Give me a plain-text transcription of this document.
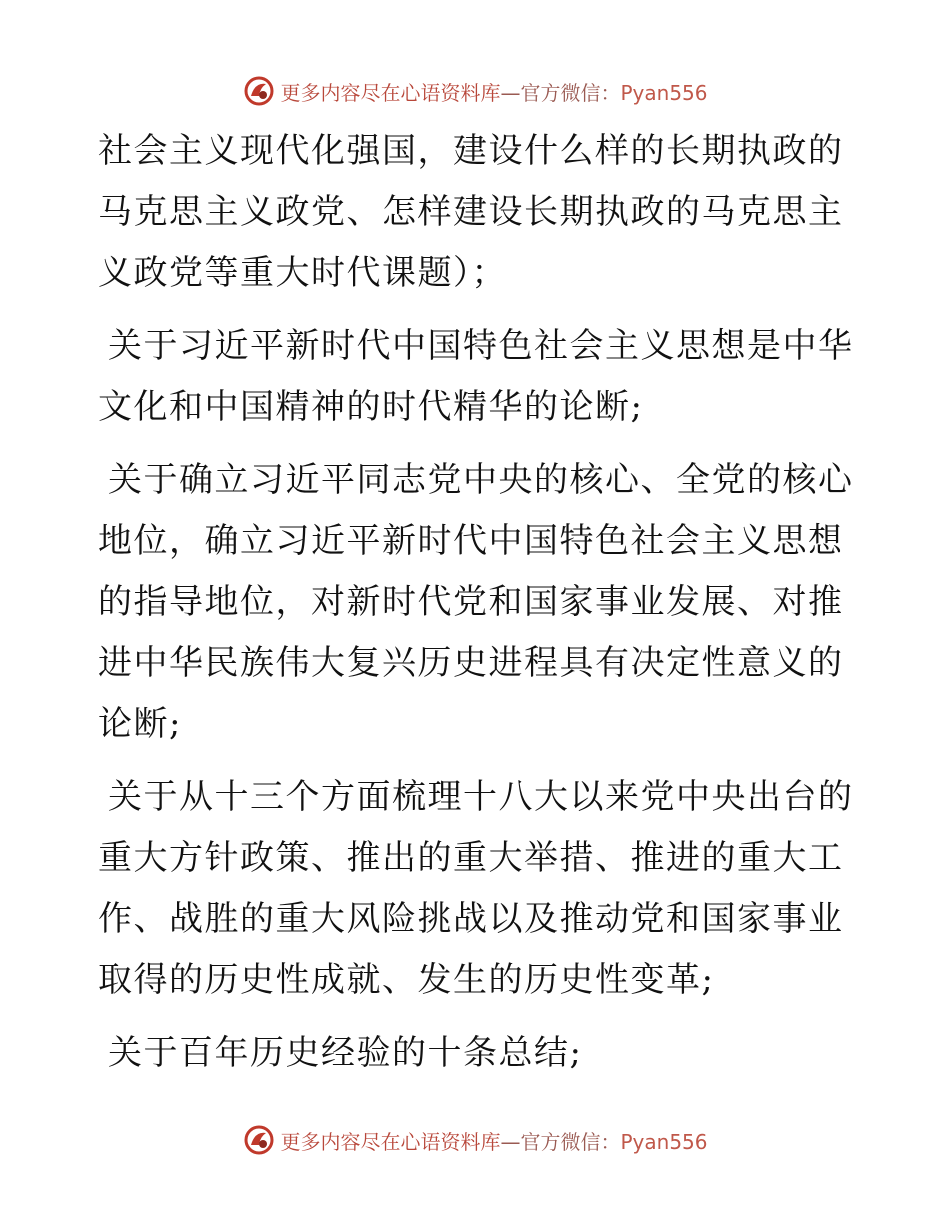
更多内容尽在心语资料库—官方微信：Pyan556

社会主义现代化强国，建设什么样的长期执政的马克思主义政党、怎样建设长期执政的马克思主义政党等重大时代课题）；

关于习近平新时代中国特色社会主义思想是中华文化和中国精神的时代精华的论断;

关于确立习近平同志党中央的核心、全党的核心地位，确立习近平新时代中国特色社会主义思想的指导地位，对新时代党和国家事业发展、对推进中华民族伟大复兴历史进程具有决定性意义的论断;

关于从十三个方面梳理十八大以来党中央出台的重大方针政策、推出的重大举措、推进的重大工作、战胜的重大风险挑战以及推动党和国家事业取得的历史性成就、发生的历史性变革;

关于百年历史经验的十条总结;

更多内容尽在心语资料库—官方微信：Pyan556
